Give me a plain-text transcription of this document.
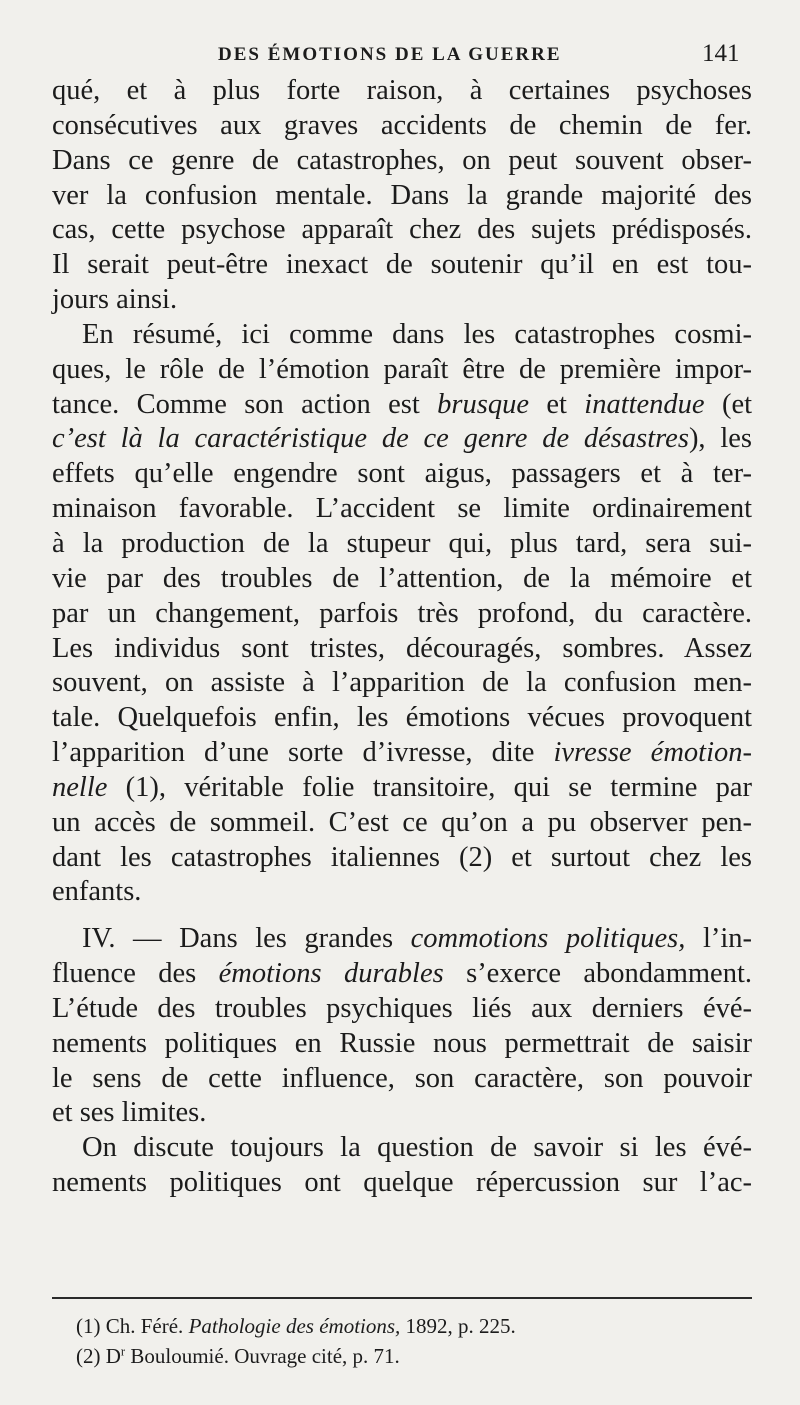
DES ÉMOTIONS DE LA GUERRE	141
qué, et à plus forte raison, à certaines psychoses
consécutives aux graves accidents de chemin de fer.
Dans ce genre de catastrophes, on peut souvent obser-
ver la confusion mentale. Dans la grande majorité des
cas, cette psychose apparaît chez des sujets prédisposés.
Il serait peut-être inexact de soutenir qu’il en est tou-
jours ainsi.
En résumé, ici comme dans les catastrophes cosmi-
ques, le rôle de l’émotion paraît être de première impor-
tance. Comme son action est brusque et inattendue (et
c’est là la caractéristique de ce genre de désastres), les
effets qu’elle engendre sont aigus, passagers et à ter-
minaison favorable. L’accident se limite ordinairement
à la production de la stupeur qui, plus tard, sera sui-
vie par des troubles de l’attention, de la mémoire et
par un changement, parfois très profond, du caractère.
Les individus sont tristes, découragés, sombres. Assez
souvent, on assiste à l’apparition de la confusion men-
tale. Quelquefois enfin, les émotions vécues provoquent
l’apparition d’une sorte d’ivresse, dite ivresse émotion-
nelle (1), véritable folie transitoire, qui se termine par
un accès de sommeil. C’est ce qu’on a pu observer pen-
dant les catastrophes italiennes (2) et surtout chez les
enfants.
IV. — Dans les grandes commotions politiques, l’in-
fluence des émotions durables s’exerce abondamment.
L’étude des troubles psychiques liés aux derniers évé-
nements politiques en Russie nous permettrait de saisir
le sens de cette influence, son caractère, son pouvoir
et ses limites.
On discute toujours la question de savoir si les évé-
nements politiques ont quelque répercussion sur l’ac-
(1) Ch. Féré. Pathologie des émotions, 1892, p. 225.
(2) $D^r$ Bouloumié. Ouvrage cité, p. 71.
